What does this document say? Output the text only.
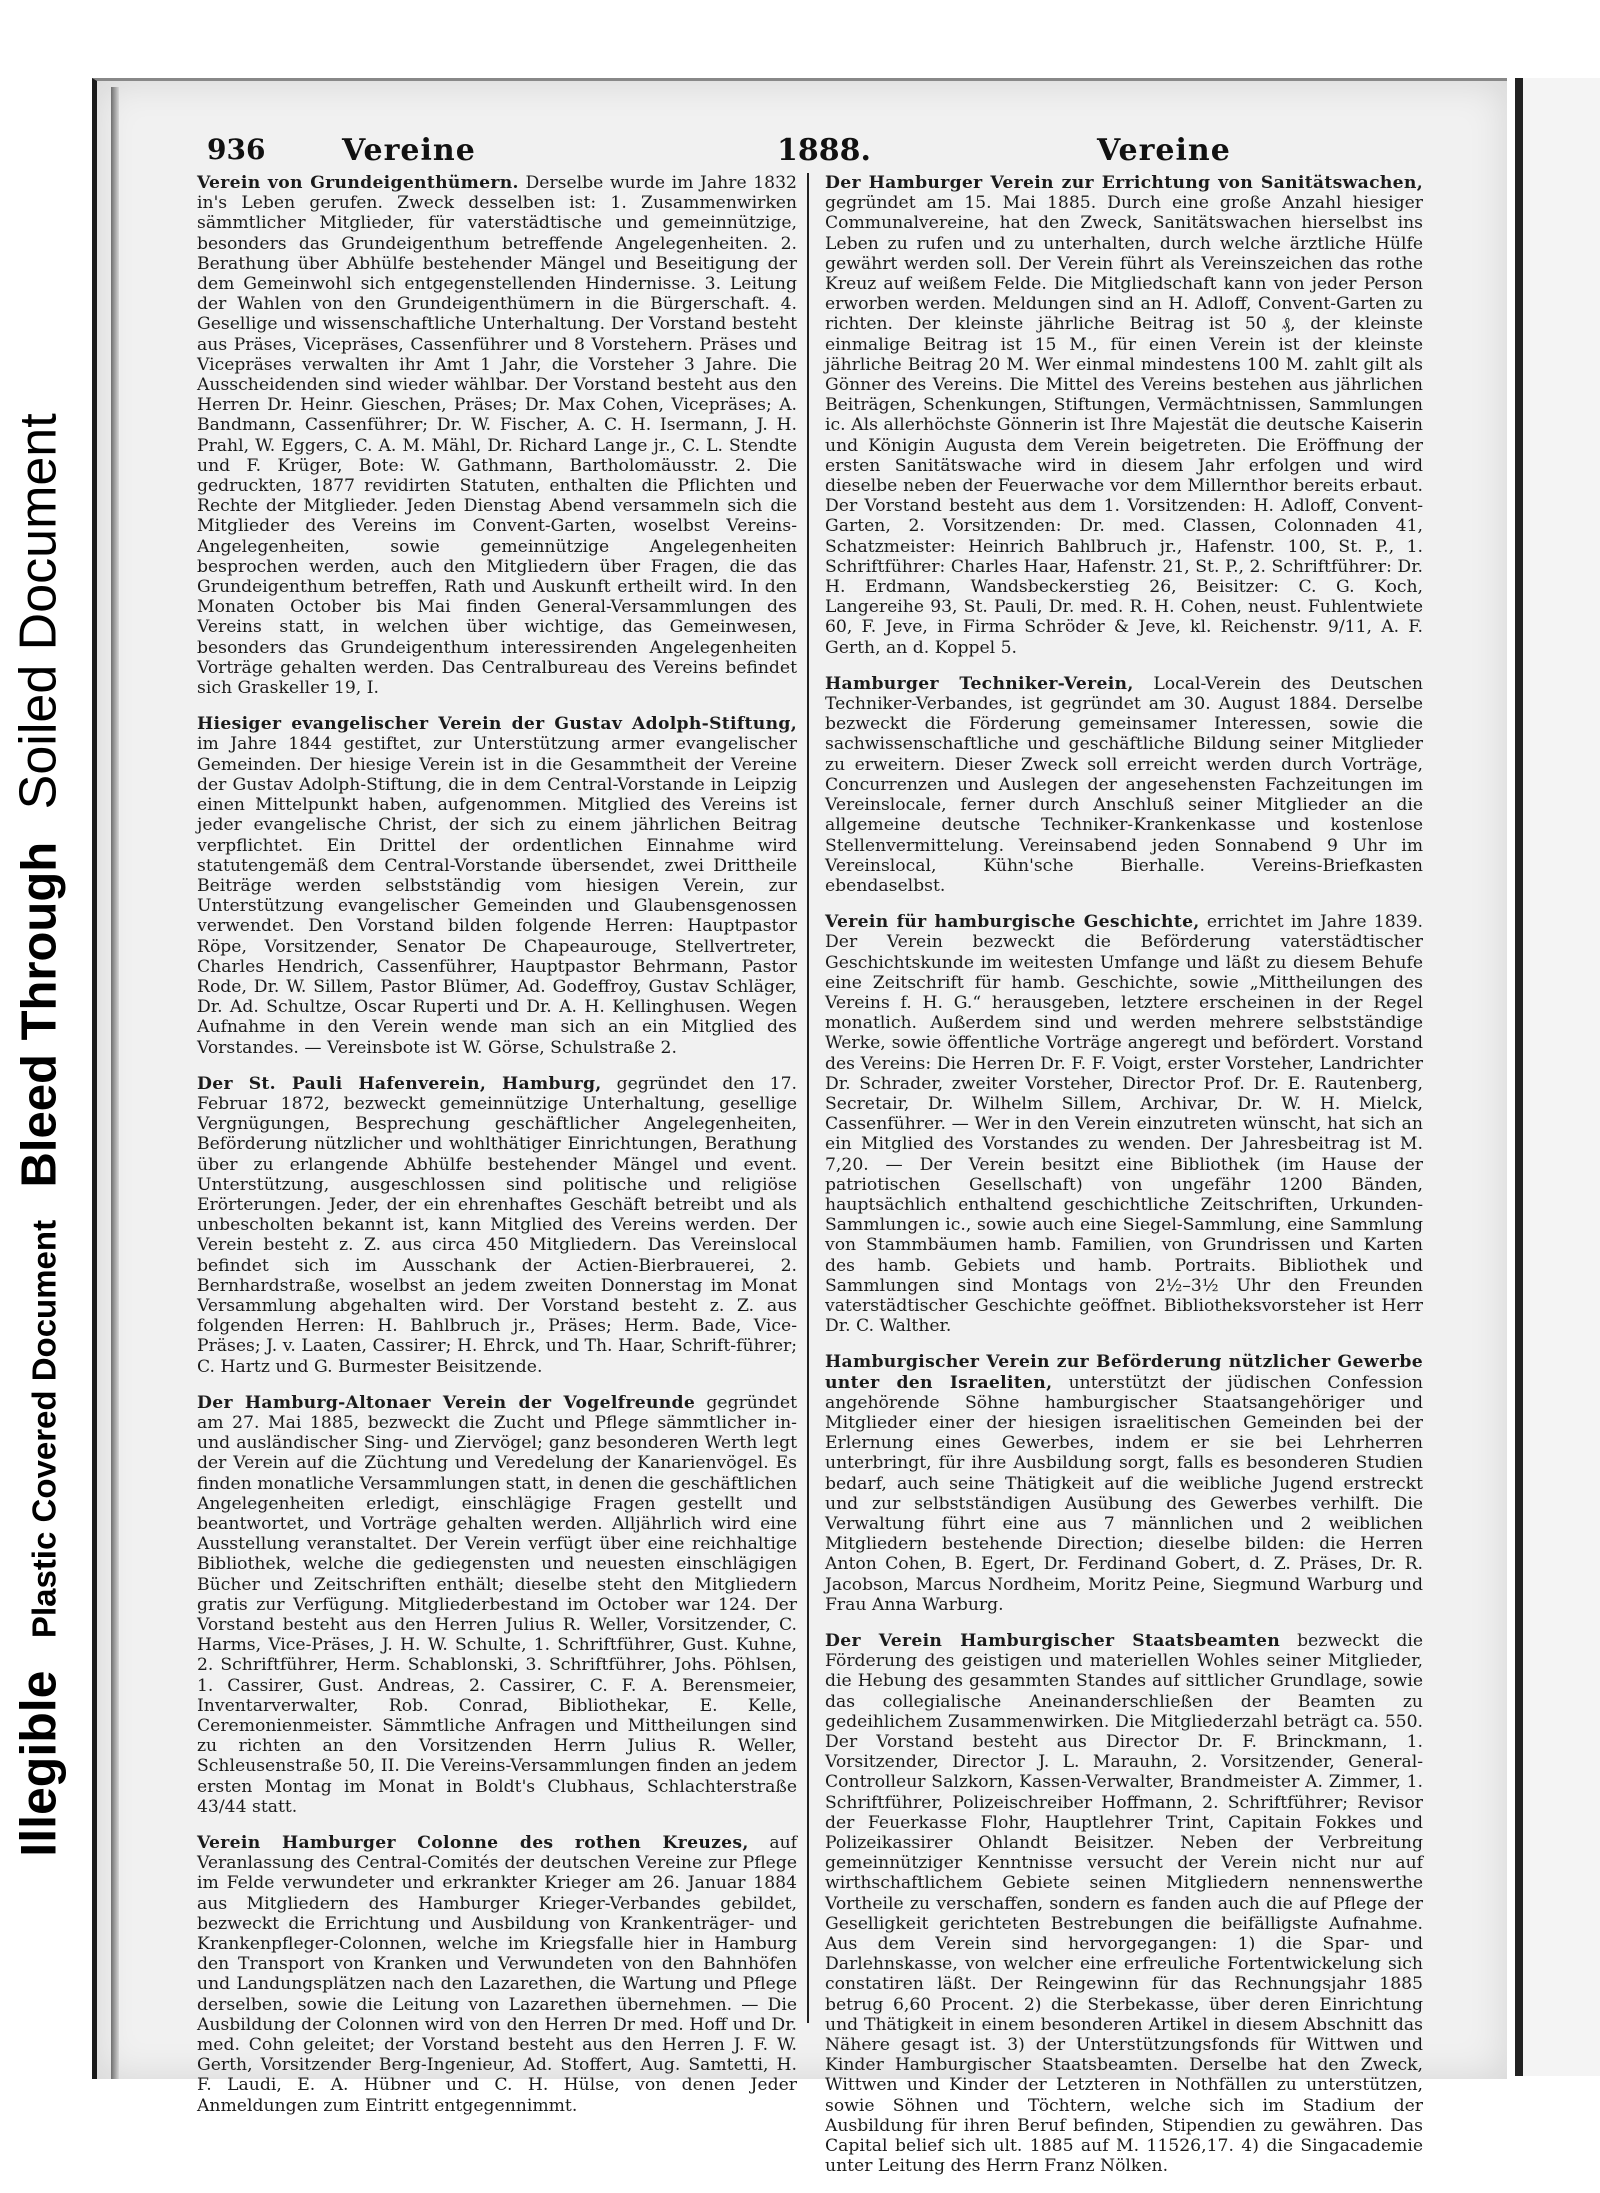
Illegible Plastic Covered Document Bleed Through Soiled Document
936	Vereine	1888.	Vereine

Verein von Grundeigenthümern. Derselbe wurde im Jahre 1832 in's Leben gerufen. Zweck desselben ist: 1. Zusammenwirken sämmtlicher Mitglieder, für vaterstädtische und gemeinnützige, besonders das Grundeigenthum betreffende Angelegenheiten. 2. Berathung über Abhülfe bestehender Mängel und Beseitigung der dem Gemeinwohl sich entgegenstellenden Hindernisse. 3. Leitung der Wahlen von den Grundeigenthümern in die Bürgerschaft. 4. Gesellige und wissenschaftliche Unterhaltung. Der Vorstand besteht aus Präses, Vicepräses, Cassenführer und 8 Vorstehern. Präses und Vicepräses verwalten ihr Amt 1 Jahr, die Vorsteher 3 Jahre. Die Ausscheidenden sind wieder wählbar. Der Vorstand besteht aus den Herren Dr. Heinr. Gieschen, Präses; Dr. Max Cohen, Vicepräses; A. Bandmann, Cassenführer; Dr. W. Fischer, A. C. H. Isermann, J. H. Prahl, W. Eggers, C. A. M. Mähl, Dr. Richard Lange jr., C. L. Stendte und F. Krüger, Bote: W. Gathmann, Bartholomäusstr. 2. Die gedruckten, 1877 revidirten Statuten, enthalten die Pflichten und Rechte der Mitglieder. Jeden Dienstag Abend versammeln sich die Mitglieder des Vereins im Convent-Garten, woselbst Vereins-Angelegenheiten, sowie gemeinnützige Angelegenheiten besprochen werden, auch den Mitgliedern über Fragen, die das Grundeigenthum betreffen, Rath und Auskunft ertheilt wird. In den Monaten October bis Mai finden General-Versammlungen des Vereins statt, in welchen über wichtige, das Gemeinwesen, besonders das Grundeigenthum interessirenden Angelegenheiten Vorträge gehalten werden. Das Centralbureau des Vereins befindet sich Graskeller 19, I.

Hiesiger evangelischer Verein der Gustav Adolph-Stiftung, im Jahre 1844 gestiftet, zur Unterstützung armer evangelischer Gemeinden. Der hiesige Verein ist in die Gesammtheit der Vereine der Gustav Adolph-Stiftung, die in dem Central-Vorstande in Leipzig einen Mittelpunkt haben, aufgenommen. Mitglied des Vereins ist jeder evangelische Christ, der sich zu einem jährlichen Beitrag verpflichtet. Ein Drittel der ordentlichen Einnahme wird statutengemäß dem Central-Vorstande übersendet, zwei Drittheile Beiträge werden selbstständig vom hiesigen Verein, zur Unterstützung evangelischer Gemeinden und Glaubensgenossen verwendet. Den Vorstand bilden folgende Herren: Hauptpastor Röpe, Vorsitzender, Senator De Chapeaurouge, Stellvertreter, Charles Hendrich, Cassenführer, Hauptpastor Behrmann, Pastor Rode, Dr. W. Sillem, Pastor Blümer, Ad. Godeffroy, Gustav Schläger, Dr. Ad. Schultze, Oscar Ruperti und Dr. A. H. Kellinghusen. Wegen Aufnahme in den Verein wende man sich an ein Mitglied des Vorstandes. — Vereinsbote ist W. Görse, Schulstraße 2.

Der St. Pauli Hafenverein, Hamburg, gegründet den 17. Februar 1872, bezweckt gemeinnützige Unterhaltung, gesellige Vergnügungen, Besprechung geschäftlicher Angelegenheiten, Beförderung nützlicher und wohlthätiger Einrichtungen, Berathung über zu erlangende Abhülfe bestehender Mängel und event. Unterstützung, ausgeschlossen sind politische und religiöse Erörterungen. Jeder, der ein ehrenhaftes Geschäft betreibt und als unbescholten bekannt ist, kann Mitglied des Vereins werden. Der Verein besteht z. Z. aus circa 450 Mitgliedern. Das Vereinslocal befindet sich im Ausschank der Actien-Bierbrauerei, 2. Bernhardstraße, woselbst an jedem zweiten Donnerstag im Monat Versammlung abgehalten wird. Der Vorstand besteht z. Z. aus folgenden Herren: H. Bahlbruch jr., Präses; Herm. Bade, Vice-Präses; J. v. Laaten, Cassirer; H. Ehrck, und Th. Haar, Schrift-führer; C. Hartz und G. Burmester Beisitzende.

Der Hamburg-Altonaer Verein der Vogelfreunde gegründet am 27. Mai 1885, bezweckt die Zucht und Pflege sämmtlicher in- und ausländischer Sing- und Ziervögel; ganz besonderen Werth legt der Verein auf die Züchtung und Veredelung der Kanarienvögel. Es finden monatliche Versammlungen statt, in denen die geschäftlichen Angelegenheiten erledigt, einschlägige Fragen gestellt und beantwortet, und Vorträge gehalten werden. Alljährlich wird eine Ausstellung veranstaltet. Der Verein verfügt über eine reichhaltige Bibliothek, welche die gediegensten und neuesten einschlägigen Bücher und Zeitschriften enthält; dieselbe steht den Mitgliedern gratis zur Verfügung. Mitgliederbestand im October war 124. Der Vorstand besteht aus den Herren Julius R. Weller, Vorsitzender, C. Harms, Vice-Präses, J. H. W. Schulte, 1. Schriftführer, Gust. Kuhne, 2. Schriftführer, Herm. Schablonski, 3. Schriftführer, Johs. Pöhlsen, 1. Cassirer, Gust. Andreas, 2. Cassirer, C. F. A. Berensmeier, Inventarverwalter, Rob. Conrad, Bibliothekar, E. Kelle, Ceremonienmeister. Sämmtliche Anfragen und Mittheilungen sind zu richten an den Vorsitzenden Herrn Julius R. Weller, Schleusenstraße 50, II. Die Vereins-Versammlungen finden an jedem ersten Montag im Monat in Boldt's Clubhaus, Schlachterstraße 43/44 statt.

Verein Hamburger Colonne des rothen Kreuzes, auf Veranlassung des Central-Comités der deutschen Vereine zur Pflege im Felde verwundeter und erkrankter Krieger am 26. Januar 1884 aus Mitgliedern des Hamburger Krieger-Verbandes gebildet, bezweckt die Errichtung und Ausbildung von Krankenträger- und Krankenpfleger-Colonnen, welche im Kriegsfalle hier in Hamburg den Transport von Kranken und Verwundeten von den Bahnhöfen und Landungsplätzen nach den Lazarethen, die Wartung und Pflege derselben, sowie die Leitung von Lazarethen übernehmen. — Die Ausbildung der Colonnen wird von den Herren Dr med. Hoff und Dr. med. Cohn geleitet; der Vorstand besteht aus den Herren J. F. W. Gerth, Vorsitzender Berg-Ingenieur, Ad. Stoffert, Aug. Samtetti, H. F. Laudi, E. A. Hübner und C. H. Hülse, von denen Jeder Anmeldungen zum Eintritt entgegennimmt.

Der Hamburger Verein zur Errichtung von Sanitätswachen, gegründet am 15. Mai 1885. Durch eine große Anzahl hiesiger Communalvereine, hat den Zweck, Sanitätswachen hierselbst ins Leben zu rufen und zu unterhalten, durch welche ärztliche Hülfe gewährt werden soll. Der Verein führt als Vereinszeichen das rothe Kreuz auf weißem Felde. Die Mitgliedschaft kann von jeder Person erworben werden. Meldungen sind an H. Adloff, Convent-Garten zu richten. Der kleinste jährliche Beitrag ist 50 ₰, der kleinste einmalige Beitrag ist 15 M., für einen Verein ist der kleinste jährliche Beitrag 20 M. Wer einmal mindestens 100 M. zahlt gilt als Gönner des Vereins. Die Mittel des Vereins bestehen aus jährlichen Beiträgen, Schenkungen, Stiftungen, Vermächtnissen, Sammlungen ic. Als allerhöchste Gönnerin ist Ihre Majestät die deutsche Kaiserin und Königin Augusta dem Verein beigetreten. Die Eröffnung der ersten Sanitätswache wird in diesem Jahr erfolgen und wird dieselbe neben der Feuerwache vor dem Millernthor bereits erbaut. Der Vorstand besteht aus dem 1. Vorsitzenden: H. Adloff, Convent-Garten, 2. Vorsitzenden: Dr. med. Classen, Colonnaden 41, Schatzmeister: Heinrich Bahlbruch jr., Hafenstr. 100, St. P., 1. Schriftführer: Charles Haar, Hafenstr. 21, St. P., 2. Schriftführer: Dr. H. Erdmann, Wandsbeckerstieg 26, Beisitzer: C. G. Koch, Langereihe 93, St. Pauli, Dr. med. R. H. Cohen, neust. Fuhlentwiete 60, F. Jeve, in Firma Schröder & Jeve, kl. Reichenstr. 9/11, A. F. Gerth, an d. Koppel 5.

Hamburger Techniker-Verein, Local-Verein des Deutschen Techniker-Verbandes, ist gegründet am 30. August 1884. Derselbe bezweckt die Förderung gemeinsamer Interessen, sowie die sachwissenschaftliche und geschäftliche Bildung seiner Mitglieder zu erweitern. Dieser Zweck soll erreicht werden durch Vorträge, Concurrenzen und Auslegen der angesehensten Fachzeitungen im Vereinslocale, ferner durch Anschluß seiner Mitglieder an die allgemeine deutsche Techniker-Krankenkasse und kostenlose Stellenvermittelung. Vereinsabend jeden Sonnabend 9 Uhr im Vereinslocal, Kühn'sche Bierhalle. Vereins-Briefkasten ebendaselbst.

Verein für hamburgische Geschichte, errichtet im Jahre 1839. Der Verein bezweckt die Beförderung vaterstädtischer Geschichtskunde im weitesten Umfange und läßt zu diesem Behufe eine Zeitschrift für hamb. Geschichte, sowie „Mittheilungen des Vereins f. H. G.“ herausgeben, letztere erscheinen in der Regel monatlich. Außerdem sind und werden mehrere selbstständige Werke, sowie öffentliche Vorträge angeregt und befördert. Vorstand des Vereins: Die Herren Dr. F. F. Voigt, erster Vorsteher, Landrichter Dr. Schrader, zweiter Vorsteher, Director Prof. Dr. E. Rautenberg, Secretair, Dr. Wilhelm Sillem, Archivar, Dr. W. H. Mielck, Cassenführer. — Wer in den Verein einzutreten wünscht, hat sich an ein Mitglied des Vorstandes zu wenden. Der Jahresbeitrag ist M. 7,20. — Der Verein besitzt eine Bibliothek (im Hause der patriotischen Gesellschaft) von ungefähr 1200 Bänden, hauptsächlich enthaltend geschichtliche Zeitschriften, Urkunden-Sammlungen ic., sowie auch eine Siegel-Sammlung, eine Sammlung von Stammbäumen hamb. Familien, von Grundrissen und Karten des hamb. Gebiets und hamb. Portraits. Bibliothek und Sammlungen sind Montags von 2½–3½ Uhr den Freunden vaterstädtischer Geschichte geöffnet. Bibliotheksvorsteher ist Herr Dr. C. Walther.

Hamburgischer Verein zur Beförderung nützlicher Gewerbe unter den Israeliten, unterstützt der jüdischen Confession angehörende Söhne hamburgischer Staatsangehöriger und Mitglieder einer der hiesigen israelitischen Gemeinden bei der Erlernung eines Gewerbes, indem er sie bei Lehrherren unterbringt, für ihre Ausbildung sorgt, falls es besonderen Studien bedarf, auch seine Thätigkeit auf die weibliche Jugend erstreckt und zur selbstständigen Ausübung des Gewerbes verhilft. Die Verwaltung führt eine aus 7 männlichen und 2 weiblichen Mitgliedern bestehende Direction; dieselbe bilden: die Herren Anton Cohen, B. Egert, Dr. Ferdinand Gobert, d. Z. Präses, Dr. R. Jacobson, Marcus Nordheim, Moritz Peine, Siegmund Warburg und Frau Anna Warburg.

Der Verein Hamburgischer Staatsbeamten bezweckt die Förderung des geistigen und materiellen Wohles seiner Mitglieder, die Hebung des gesammten Standes auf sittlicher Grundlage, sowie das collegialische Aneinanderschließen der Beamten zu gedeihlichem Zusammenwirken. Die Mitgliederzahl beträgt ca. 550. Der Vorstand besteht aus Director Dr. F. Brinckmann, 1. Vorsitzender, Director J. L. Marauhn, 2. Vorsitzender, General-Controlleur Salzkorn, Kassen-Verwalter, Brandmeister A. Zimmer, 1. Schriftführer, Polizeischreiber Hoffmann, 2. Schriftführer; Revisor der Feuerkasse Flohr, Hauptlehrer Trint, Capitain Fokkes und Polizeikassirer Ohlandt Beisitzer. Neben der Verbreitung gemeinnütziger Kenntnisse versucht der Verein nicht nur auf wirthschaftlichem Gebiete seinen Mitgliedern nennenswerthe Vortheile zu verschaffen, sondern es fanden auch die auf Pflege der Geselligkeit gerichteten Bestrebungen die beifälligste Aufnahme. Aus dem Verein sind hervorgegangen: 1) die Spar- und Darlehnskasse, von welcher eine erfreuliche Fortentwickelung sich constatiren läßt. Der Reingewinn für das Rechnungsjahr 1885 betrug 6,60 Procent. 2) die Sterbekasse, über deren Einrichtung und Thätigkeit in einem besonderen Artikel in diesem Abschnitt das Nähere gesagt ist. 3) der Unterstützungsfonds für Wittwen und Kinder Hamburgischer Staatsbeamten. Derselbe hat den Zweck, Wittwen und Kinder der Letzteren in Nothfällen zu unterstützen, sowie Söhnen und Töchtern, welche sich im Stadium der Ausbildung für ihren Beruf befinden, Stipendien zu gewähren. Das Capital belief sich ult. 1885 auf M. 11526,17. 4) die Singacademie unter Leitung des Herrn Franz Nölken.
